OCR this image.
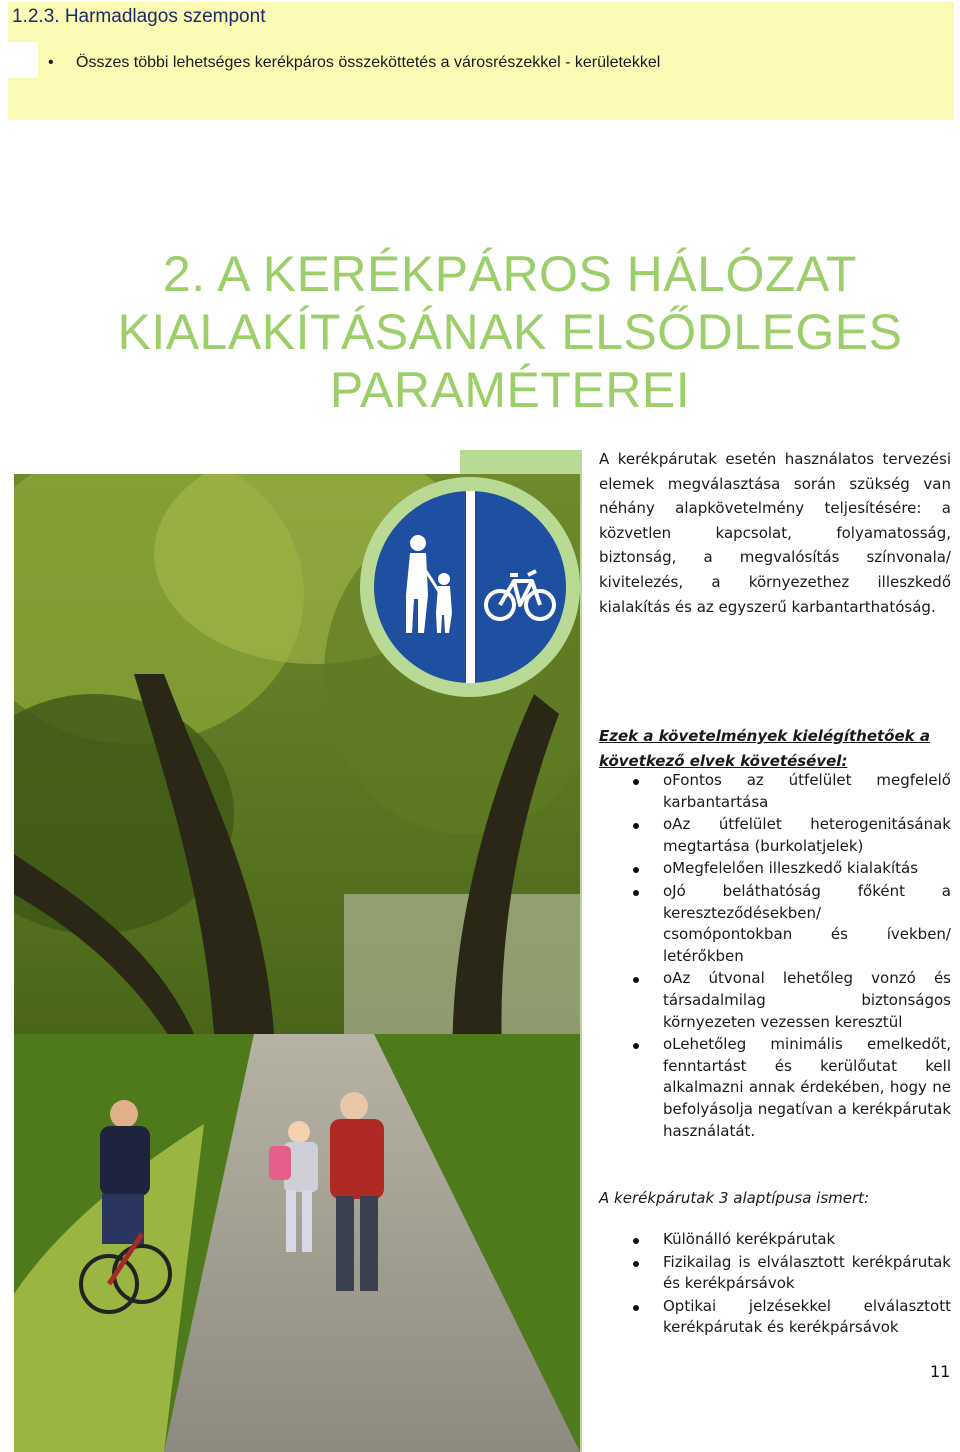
1.2.3. Harmadlagos szempont
• Összes többi lehetséges kerékpáros összeköttetés a városrészekkel - kerületekkel
2. A KERÉKPÁROS HÁLÓZAT
KIALAKÍTÁSÁNAK ELSŐDLEGES
PARAMÉTEREI
A kerékpárutak esetén használatos tervezési elemek megválasztása során szükség van néhány alapkövetelmény teljesítésére: a közvetlen kapcsolat, folyamatosság, biztonság, a megvalósítás színvonala/ kivitelezés, a környezethez illeszkedő kialakítás és az egyszerű karbantarthatóság.
Ezek a követelmények kielégíthetőek a következő elvek követésével:
oFontos az útfelület megfelelő karbantartása
oAz útfelület heterogenitásának megtartása (burkolatjelek)
oMegfelelően illeszkedő kialakítás
oJó beláthatóság főként a kereszteződésekben/ csomópontokban és ívekben/ letérőkben
oAz útvonal lehetőleg vonzó és társadalmilag biztonságos környezeten vezessen keresztül
oLehetőleg minimális emelkedőt, fenntartást és kerülőutat kell alkalmazni annak érdekében, hogy ne befolyásolja negatívan a kerékpárutak használatát.
A kerékpárutak 3 alaptípusa ismert:
Különálló kerékpárutak
Fizikailag is elválasztott kerékpárutak és kerékpársávok
Optikai jelzésekkel elválasztott kerékpárutak és kerékpársávok
11
